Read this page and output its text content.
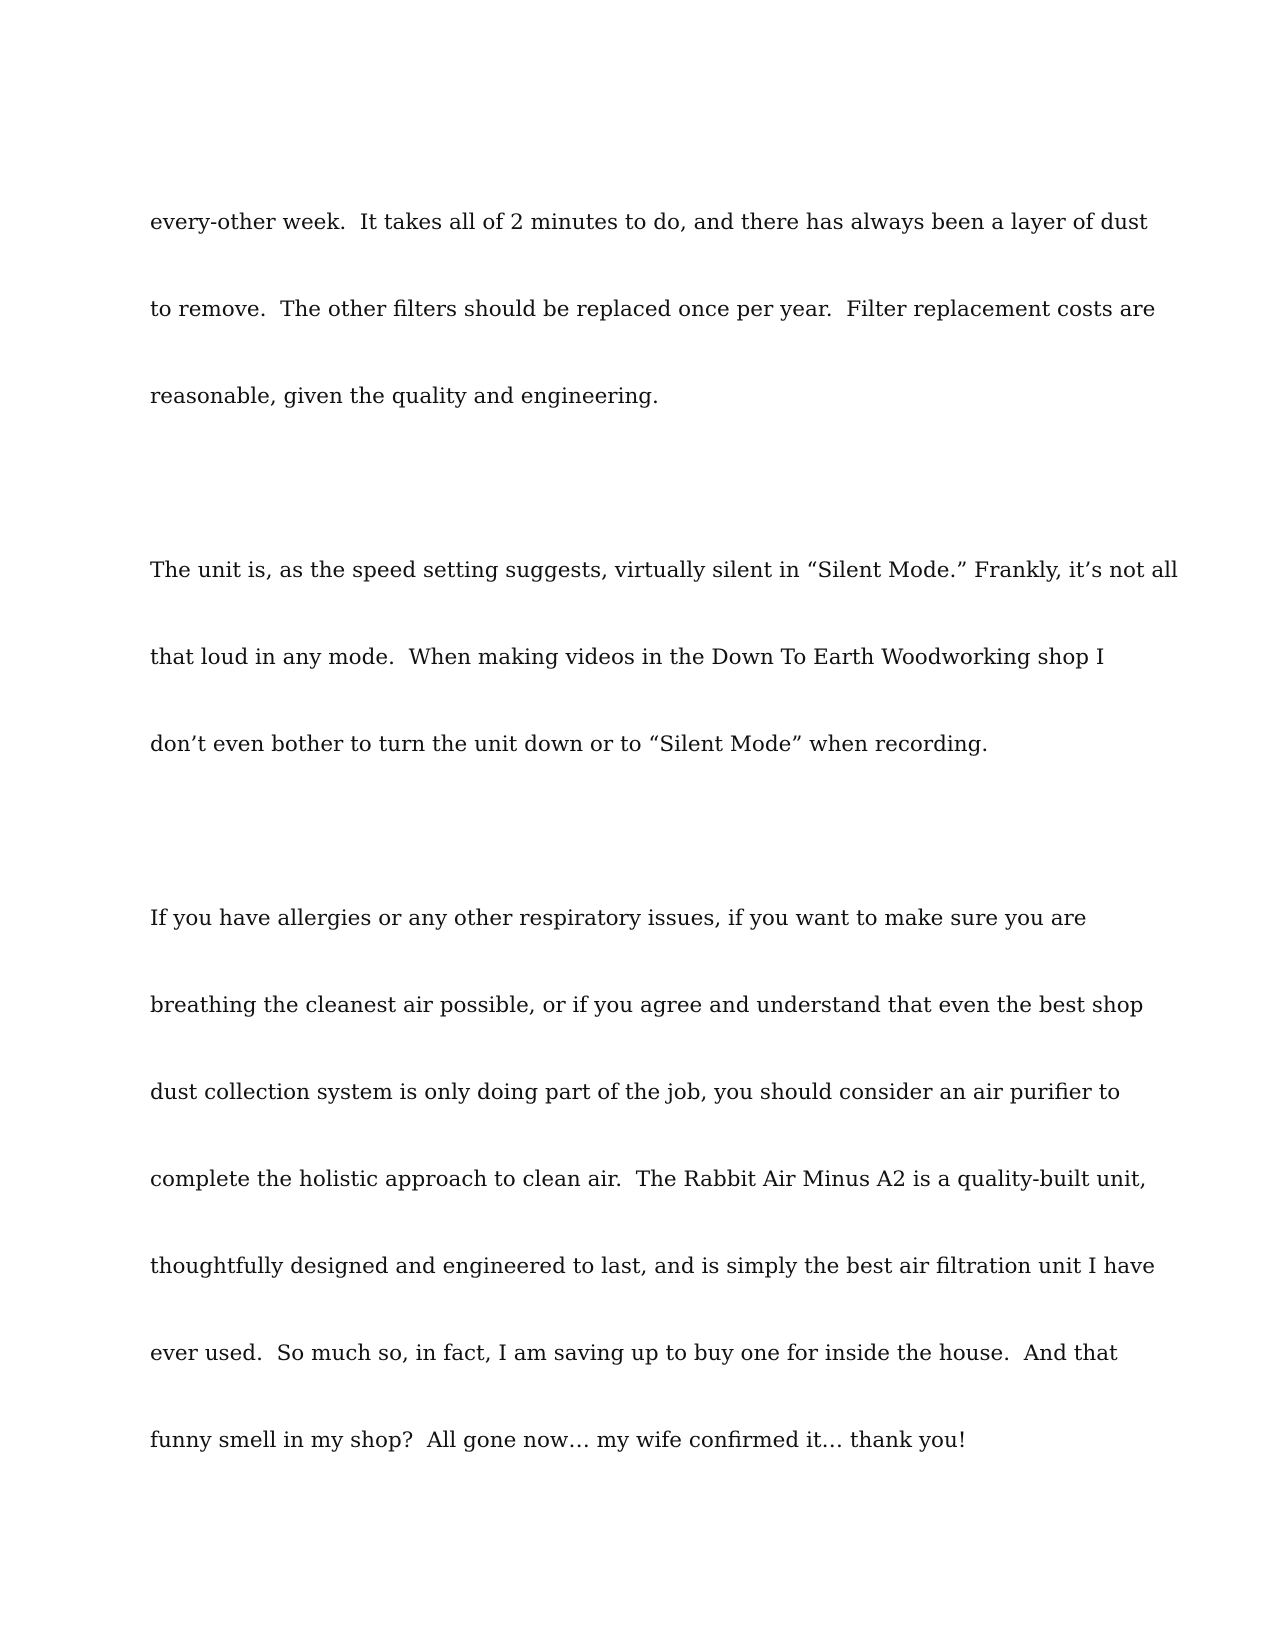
every-other week.  It takes all of 2 minutes to do, and there has always been a layer of dust

to remove.  The other filters should be replaced once per year.  Filter replacement costs are

reasonable, given the quality and engineering.

The unit is, as the speed setting suggests, virtually silent in “Silent Mode.” Frankly, it’s not all

that loud in any mode.  When making videos in the Down To Earth Woodworking shop I

don’t even bother to turn the unit down or to “Silent Mode” when recording.

If you have allergies or any other respiratory issues, if you want to make sure you are

breathing the cleanest air possible, or if you agree and understand that even the best shop

dust collection system is only doing part of the job, you should consider an air purifier to

complete the holistic approach to clean air.  The Rabbit Air Minus A2 is a quality-built unit,

thoughtfully designed and engineered to last, and is simply the best air filtration unit I have

ever used.  So much so, in fact, I am saving up to buy one for inside the house.  And that

funny smell in my shop?  All gone now… my wife confirmed it… thank you!
